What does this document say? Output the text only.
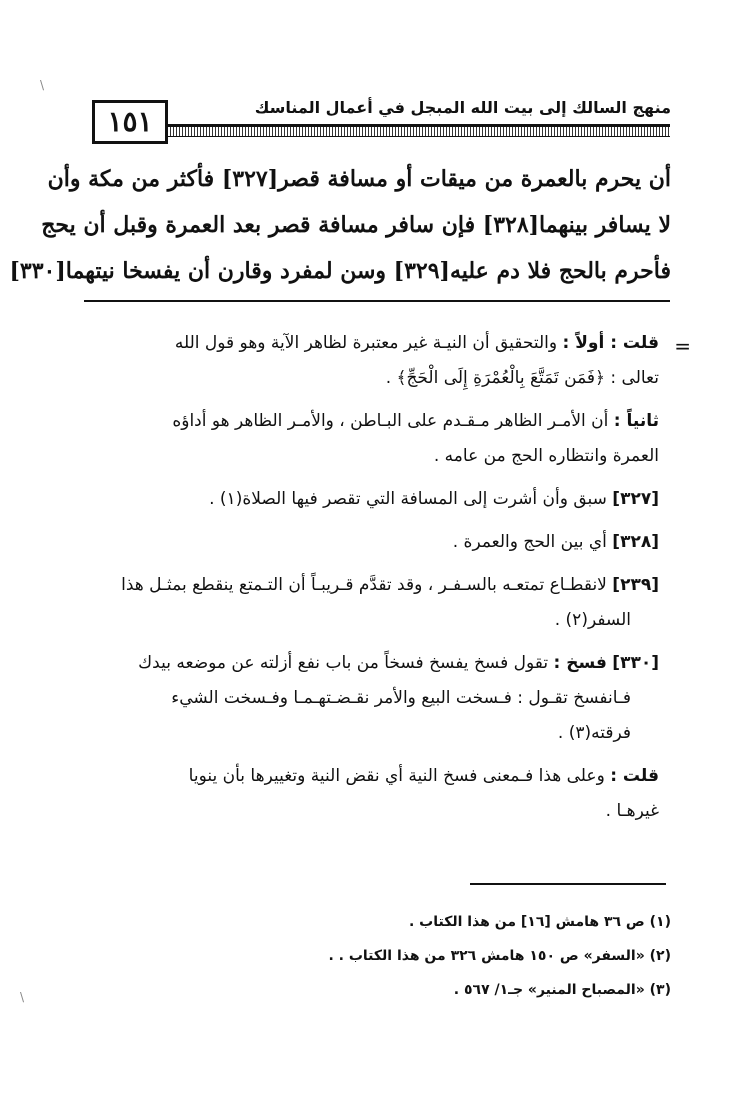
منهج السالك إلى بيت الله المبجل في أعمال المناسك
١٥١
أن يحرم بالعمرة من ميقات أو مسافة قصر[٣٢٧] فأكثر من مكة وأن
لا يسافر بينهما[٣٢٨] فإن سافر مسافة قصر بعد العمرة وقبل أن يحج
فأحرم بالحج فلا دم عليه[٣٢٩] وسن لمفرد وقارن أن يفسخا نيتهما[٣٣٠]
=
قلت : أولاً : والتحقيق أن النيـة غير معتبرة لظاهر الآية وهو قول الله
تعالى : ﴿فَمَن تَمَتَّعَ بِالْعُمْرَةِ إِلَى الْحَجِّ﴾ .
ثانياً : أن الأمـر الظاهر مـقـدم على البـاطن ، والأمـر الظاهر هو أداؤه
العمرة وانتظاره الحج من عامه .
[٣٢٧] سبق وأن أشرت إلى المسافة التي تقصر فيها الصلاة(١) .
[٣٢٨] أي بين الحج والعمرة .
[٢٣٩] لانقطـاع تمتعـه بالسـفـر ، وقد تقدَّم قـريبـاً أن التـمتع ينقطع بمثـل هذا
السفر(٢) .
[٣٣٠] فسخ : تقول فسخ يفسخ فسخاً من باب نفع أزلته عن موضعه بيدك
فـانفسخ تقـول : فـسخت البيع والأمر نقـضـتهـمـا وفـسخت الشيء
فرقته(٣) .
قلت : وعلى هذا فـمعنى فسخ النية أي نقض النية وتغييرها بأن ينويا
غيرهـا .
(١) ص ٣٦ هامش [١٦] من هذا الكتاب .
(٢) «السفر» ص ١٥٠ هامش ٣٢٦ من هذا الكتاب . .
(٣) «المصباح المنير» جـ١/ ٥٦٧ .
\
\
